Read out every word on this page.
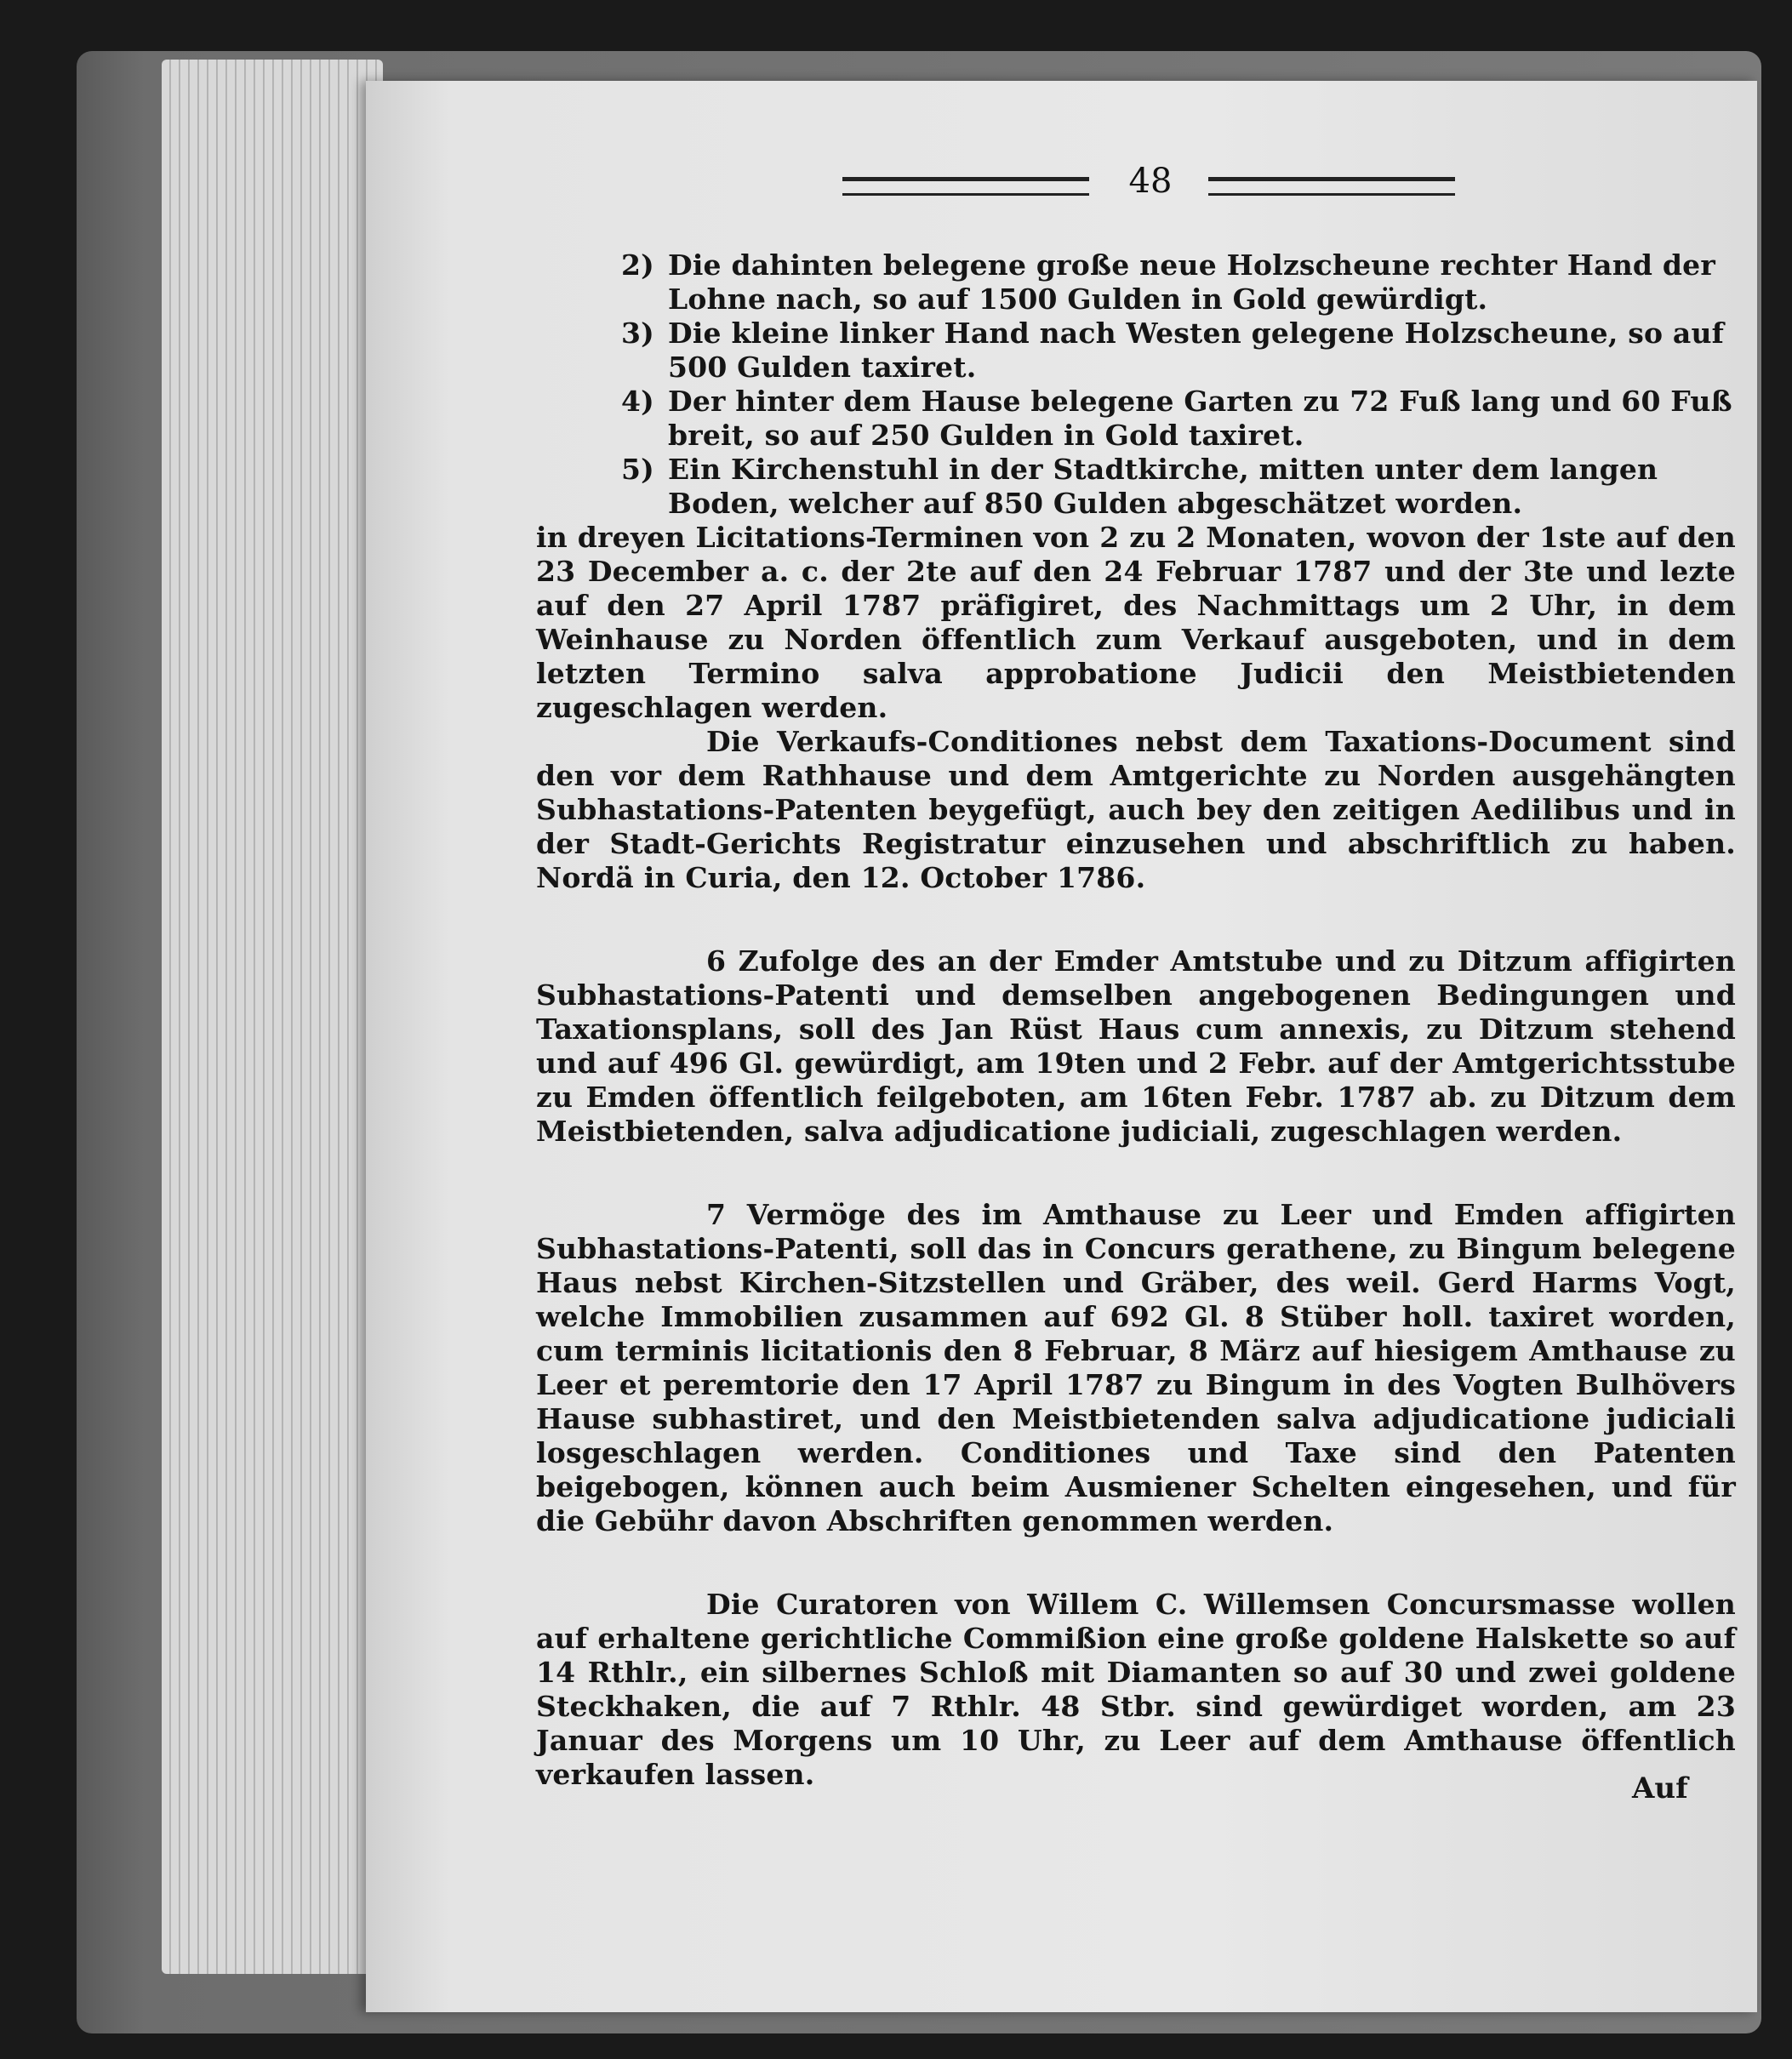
48
2) Die dahinten belegene große neue Holzscheune rechter Hand der Lohne nach, so auf 1500 Gulden in Gold gewürdigt.
3) Die kleine linker Hand nach Westen gelegene Holzscheune, so auf 500 Gulden taxiret.
4) Der hinter dem Hause belegene Garten zu 72 Fuß lang und 60 Fuß breit, so auf 250 Gulden in Gold taxiret.
5) Ein Kirchenstuhl in der Stadtkirche, mitten unter dem langen Boden, welcher auf 850 Gulden abgeschätzet worden.
in dreyen Licitations-Terminen von 2 zu 2 Monaten, wovon der 1ste auf den 23 December a. c. der 2te auf den 24 Februar 1787 und der 3te und lezte auf den 27 April 1787 präfigiret, des Nachmittags um 2 Uhr, in dem Weinhause zu Norden öffentlich zum Verkauf ausgeboten, und in dem letzten Termino salva approbatione Judicii den Meistbietenden zugeschlagen werden.
Die Verkaufs-Conditiones nebst dem Taxations-Document sind den vor dem Rathhause und dem Amtgerichte zu Norden ausgehängten Subhastations-Patenten beygefügt, auch bey den zeitigen Aedilibus und in der Stadt-Gerichts Registratur einzusehen und abschriftlich zu haben. Nordä in Curia, den 12. October 1786.
6 Zufolge des an der Emder Amtstube und zu Ditzum affigirten Subhastations-Patenti und demselben angebogenen Bedingungen und Taxationsplans, soll des Jan Rüst Haus cum annexis, zu Ditzum stehend und auf 496 Gl. gewürdigt, am 19ten und 2 Febr. auf der Amtgerichtsstube zu Emden öffentlich feilgeboten, am 16ten Febr. 1787 ab. zu Ditzum dem Meistbietenden, salva adjudicatione judiciali, zugeschlagen werden.
7 Vermöge des im Amthause zu Leer und Emden affigirten Subhastations-Patenti, soll das in Concurs gerathene, zu Bingum belegene Haus nebst Kirchen-Sitzstellen und Gräber, des weil. Gerd Harms Vogt, welche Immobilien zusammen auf 692 Gl. 8 Stüber holl. taxiret worden, cum terminis licitationis den 8 Februar, 8 März auf hiesigem Amthause zu Leer et peremtorie den 17 April 1787 zu Bingum in des Vogten Bulhövers Hause subhastiret, und den Meistbietenden salva adjudicatione judiciali losgeschlagen werden. Conditiones und Taxe sind den Patenten beigebogen, können auch beim Ausmiener Schelten eingesehen, und für die Gebühr davon Abschriften genommen werden.
Die Curatoren von Willem C. Willemsen Concursmasse wollen auf erhaltene gerichtliche Commißion eine große goldene Halskette so auf 14 Rthlr., ein silbernes Schloß mit Diamanten so auf 30 und zwei goldene Steckhaken, die auf 7 Rthlr. 48 Stbr. sind gewürdiget worden, am 23 Januar des Morgens um 10 Uhr, zu Leer auf dem Amthause öffentlich verkaufen lassen.	Auf
